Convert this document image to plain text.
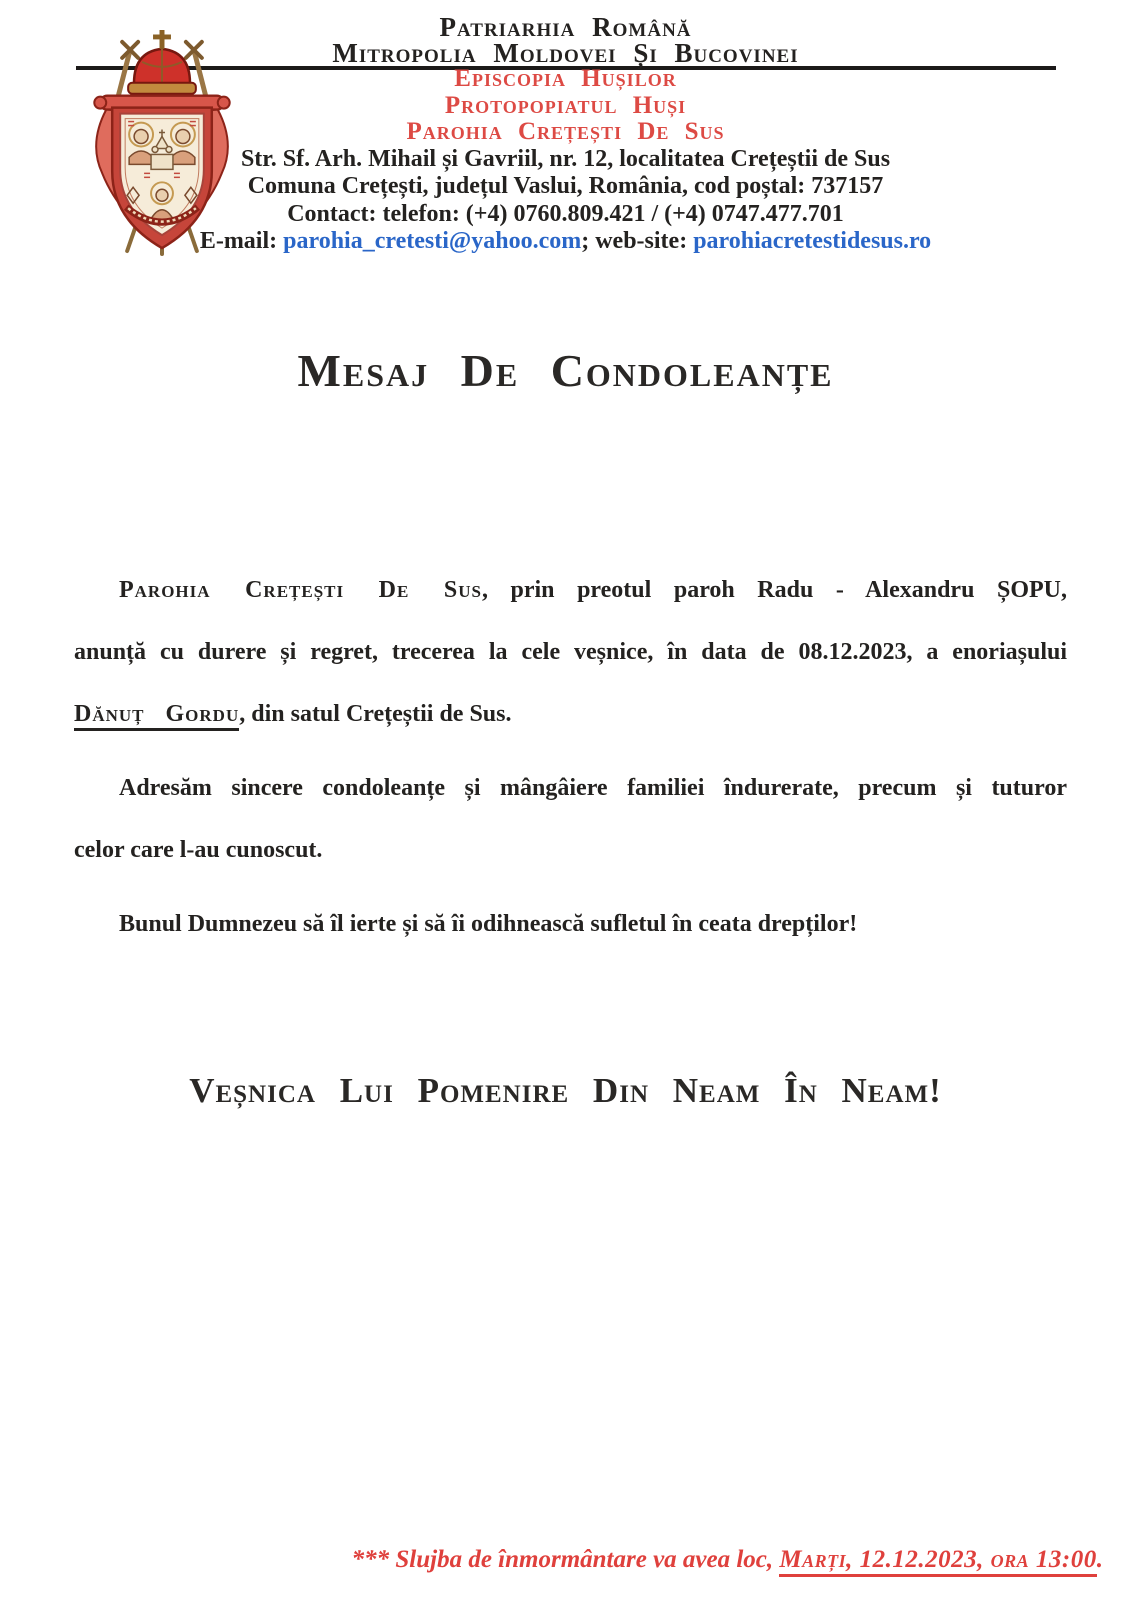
Patriarhia Română
Mitropolia Moldovei Și Bucovinei
Episcopia Hușilor
Protopopiatul Huși
Parohia Crețești De Sus
Str. Sf. Arh. Mihail și Gavriil, nr. 12, localitatea Crețeștii de Sus
Comuna Crețești, județul Vaslui, România, cod poștal: 737157
Contact: telefon: (+4) 0760.809.421 / (+4) 0747.477.701
E-mail: parohia_cretesti@yahoo.com; web-site: parohiacretestidesus.ro
Mesaj De Condoleanțe
Parohia Crețești De Sus, prin preotul paroh Radu - Alexandru ȘOPU,
anunță cu durere și regret, trecerea la cele veșnice, în data de 08.12.2023, a enoriașului
Dănuț Gordu, din satul Crețeștii de Sus.
Adresăm sincere condoleanțe și mângâiere familiei îndurerate, precum și tuturor
celor care l-au cunoscut.
Bunul Dumnezeu să îl ierte și să îi odihnească sufletul în ceata drepților!
Veșnica Lui Pomenire Din Neam În Neam!
*** Slujba de înmormântare va avea loc, Marți, 12.12.2023, ora 13:00.
